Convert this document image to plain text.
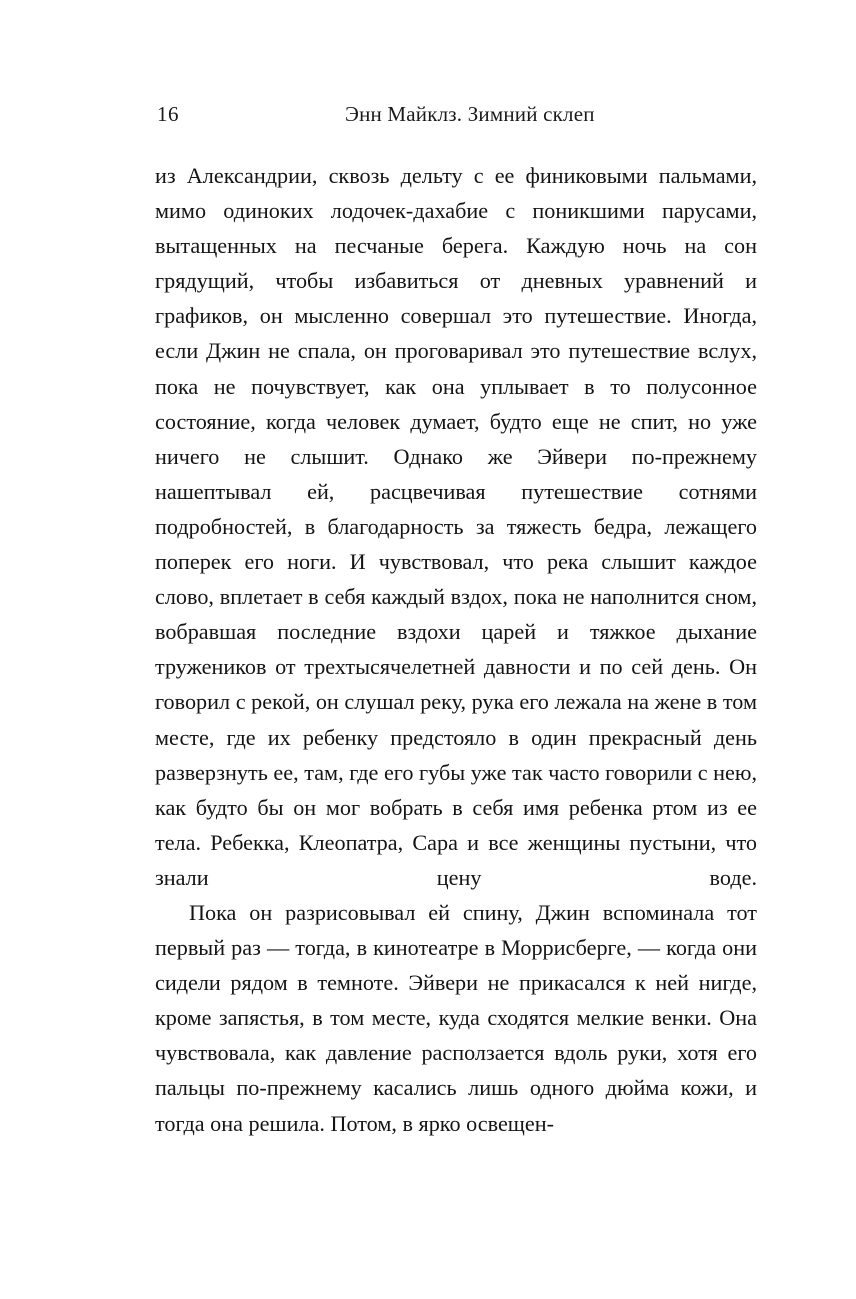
16	Энн Майклз. Зимний склеп

из Александрии, сквозь дельту с ее финиковыми пальмами, мимо одиноких лодочек-дахабие с поникшими парусами, вытащенных на песчаные берега. Каждую ночь на сон грядущий, чтобы избавиться от дневных уравнений и графиков, он мысленно совершал это путешествие. Иногда, если Джин не спала, он проговаривал это путешествие вслух, пока не почувствует, как она уплывает в то полусонное состояние, когда человек думает, будто еще не спит, но уже ничего не слышит. Однако же Эйвери по-прежнему нашептывал ей, расцвечивая путешествие сотнями подробностей, в благодарность за тяжесть бедра, лежащего поперек его ноги. И чувствовал, что река слышит каждое слово, вплетает в себя каждый вздох, пока не наполнится сном, вобравшая последние вздохи царей и тяжкое дыхание тружеников от трехтысячелетней давности и по сей день. Он говорил с рекой, он слушал реку, рука его лежала на жене в том месте, где их ребенку предстояло в один прекрасный день разверзнуть ее, там, где его губы уже так часто говорили с нею, как будто бы он мог вобрать в себя имя ребенка ртом из ее тела. Ребекка, Клеопатра, Сара и все женщины пустыни, что знали цену воде.

Пока он разрисовывал ей спину, Джин вспоминала тот первый раз — тогда, в кинотеатре в Моррисберге, — когда они сидели рядом в темноте. Эйвери не прикасался к ней нигде, кроме запястья, в том месте, куда сходятся мелкие венки. Она чувствовала, как давление расползается вдоль руки, хотя его пальцы по-прежнему касались лишь одного дюйма кожи, и тогда она решила. Потом, в ярко освещен-
